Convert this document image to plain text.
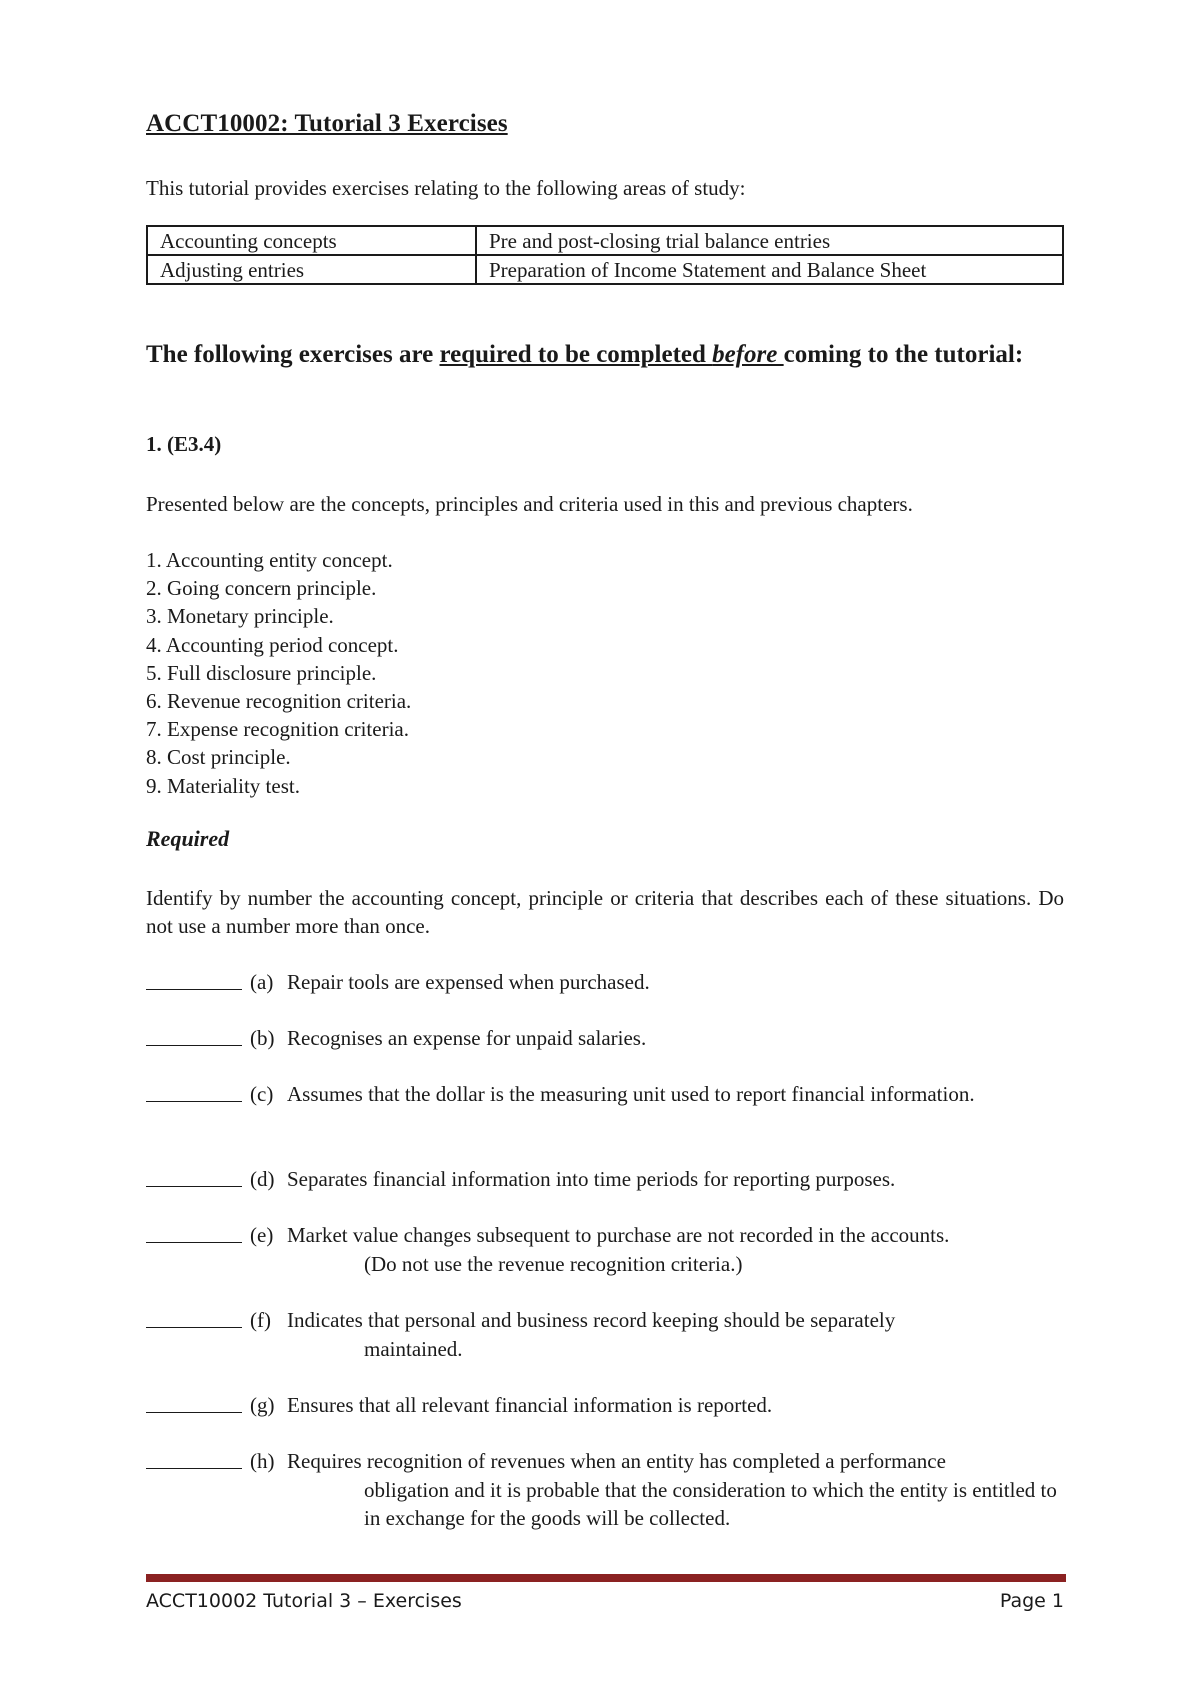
ACCT10002: Tutorial 3 Exercises

This tutorial provides exercises relating to the following areas of study:

Accounting concepts	Pre and post-closing trial balance entries
Adjusting entries	Preparation of Income Statement and Balance Sheet
The following exercises are required to be completed before coming to the tutorial:

1. (E3.4)

Presented below are the concepts, principles and criteria used in this and previous chapters.

1. Accounting entity concept.
2. Going concern principle.
3. Monetary principle.
4. Accounting period concept.
5. Full disclosure principle.
6. Revenue recognition criteria.
7. Expense recognition criteria.
8. Cost principle.
9. Materiality test.

Required

Identify by number the accounting concept, principle or criteria that describes each of these situations. Do not use a number more than once.

(a) Repair tools are expensed when purchased.
(b) Recognises an expense for unpaid salaries.
(c) Assumes that the dollar is the measuring unit used to report financial information.
(d) Separates financial information into time periods for reporting purposes.
(e) Market value changes subsequent to purchase are not recorded in the accounts.
(Do not use the revenue recognition criteria.)
(f) Indicates that personal and business record keeping should be separately
maintained.
(g) Ensures that all relevant financial information is reported.
(h) Requires recognition of revenues when an entity has completed a performance
obligation and it is probable that the consideration to which the entity is entitled to in exchange for the goods will be collected.

ACCT10002 Tutorial 3 – Exercises	Page 1
